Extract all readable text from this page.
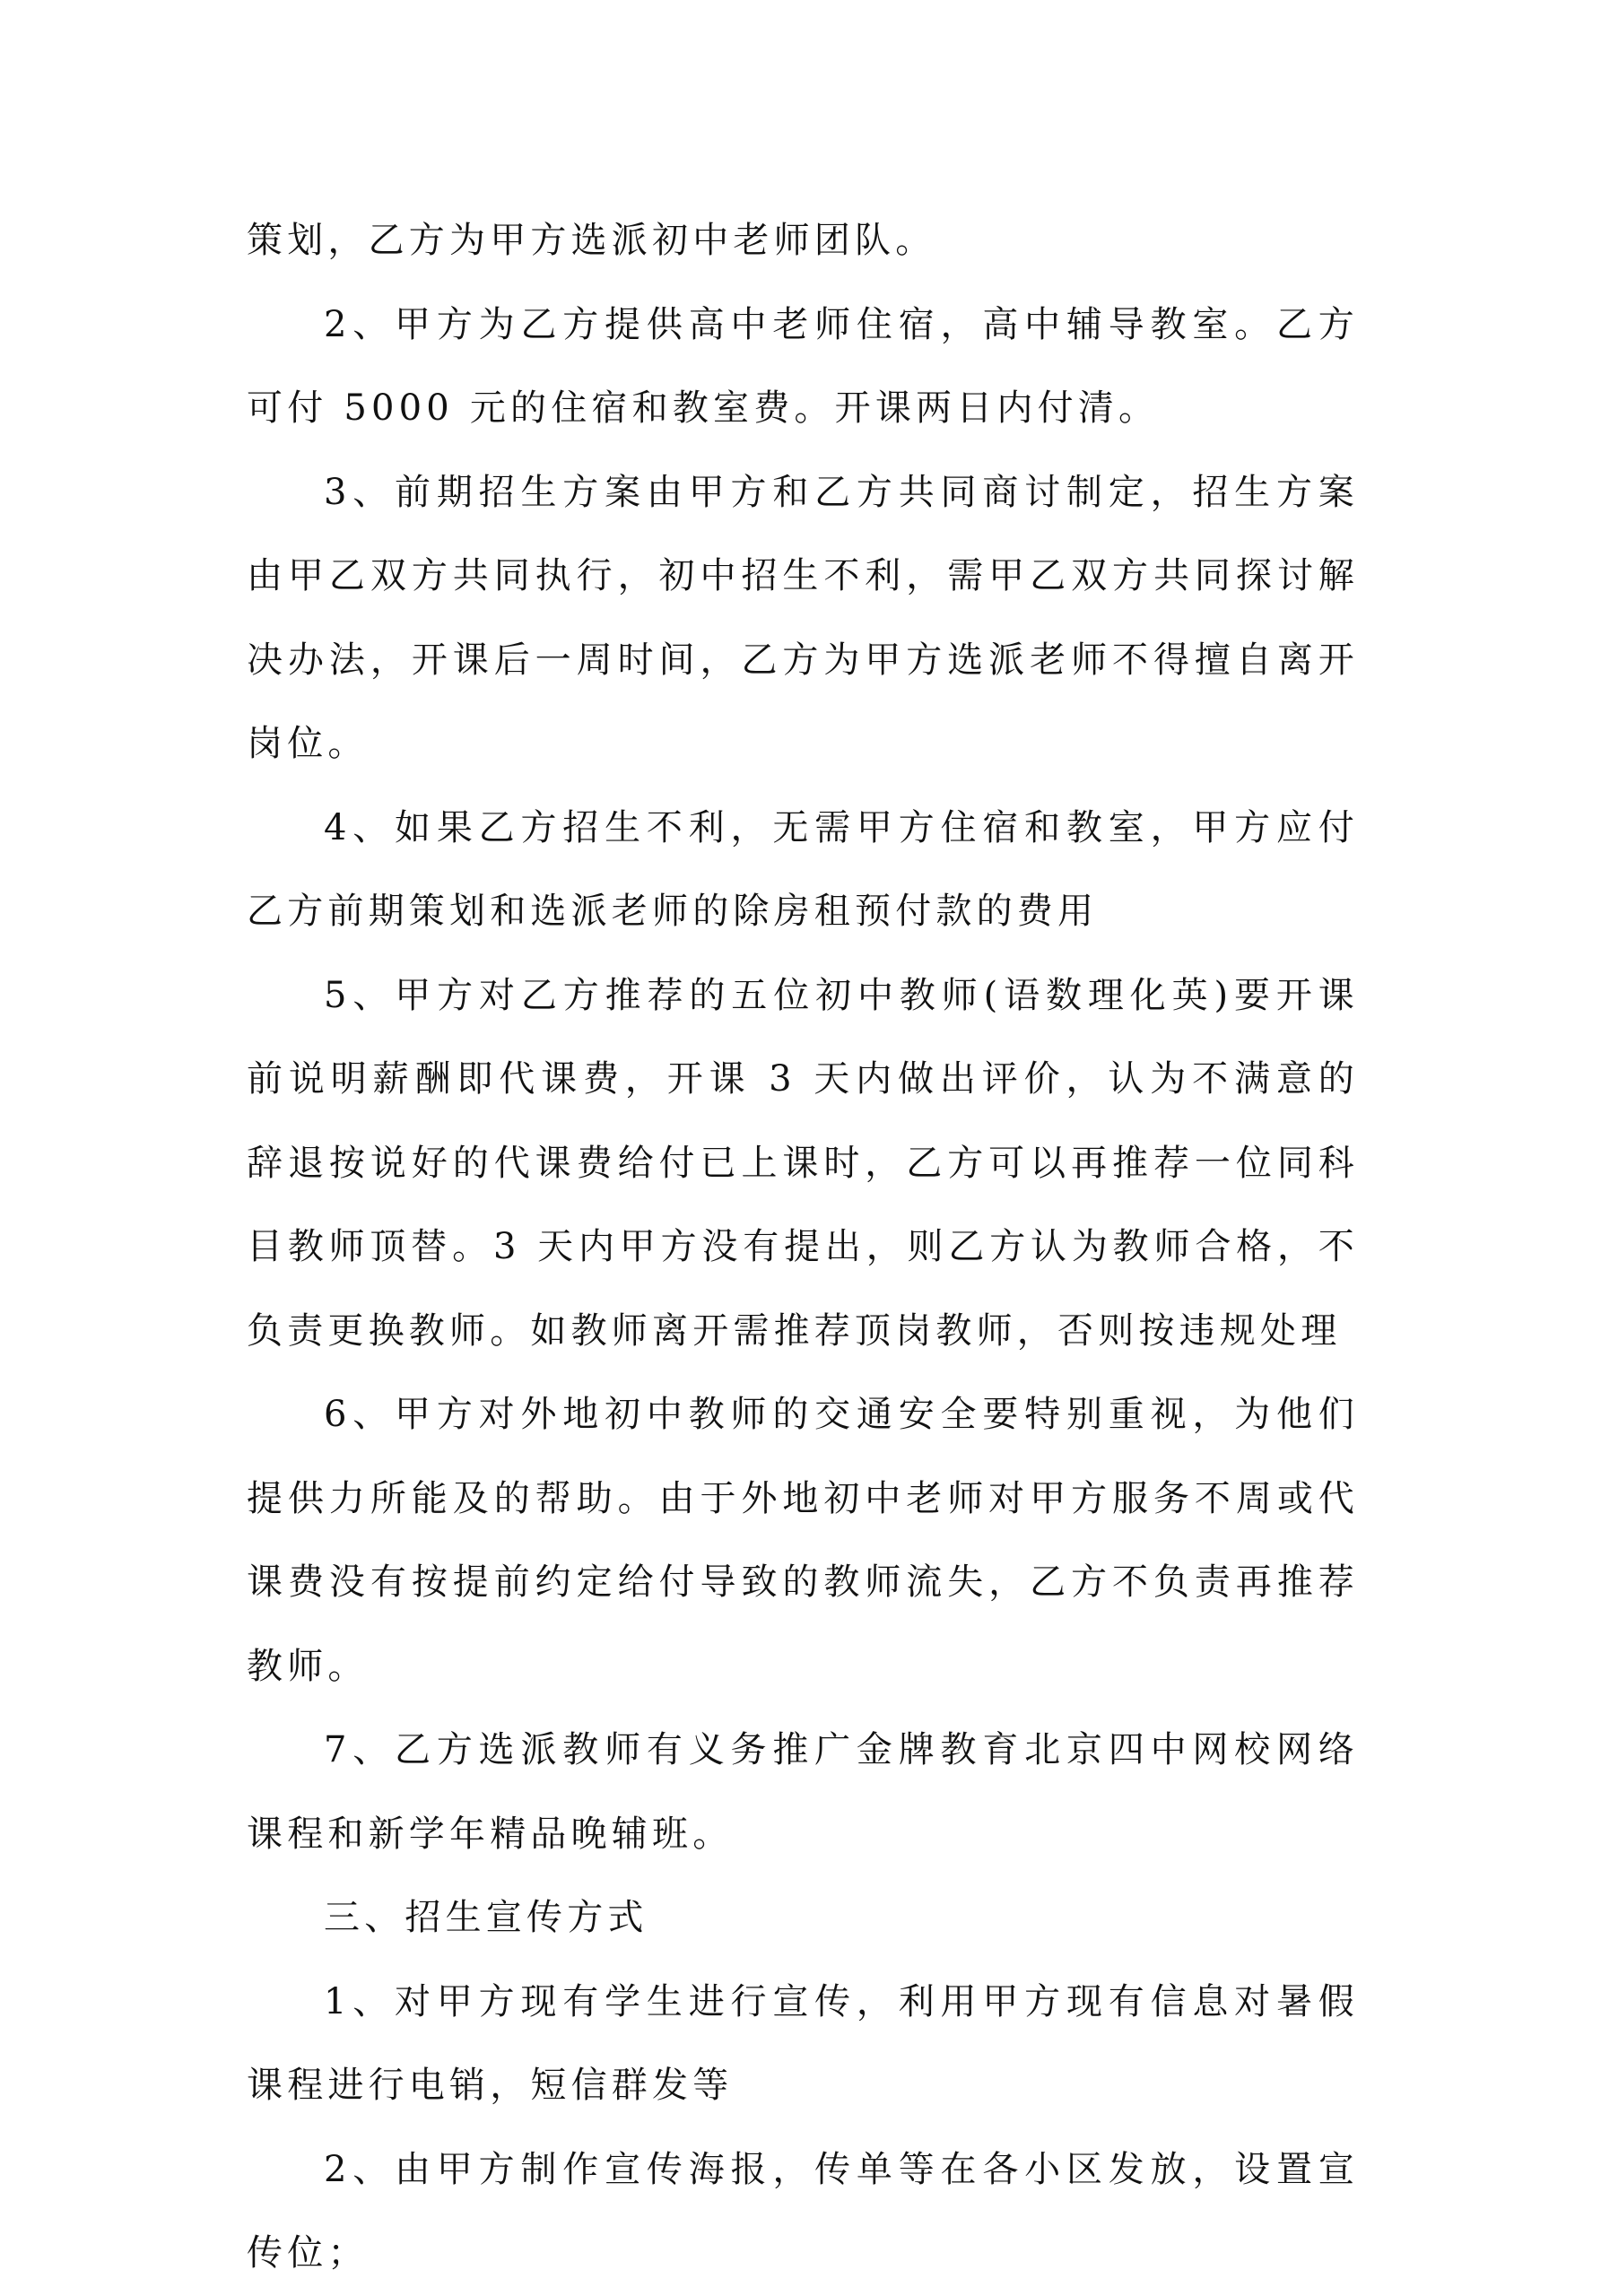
策划，乙方为甲方选派初中老师团队。

2、甲方为乙方提供高中老师住宿，高中辅导教室。乙方可付 5000 元的住宿和教室费。开课两日内付清。

3、前期招生方案由甲方和乙方共同商讨制定，招生方案由甲乙双方共同执行，初中招生不利，需甲乙双方共同探讨解决办法，开课后一周时间，乙方为甲方选派老师不得擅自离开岗位。

4、如果乙方招生不利，无需甲方住宿和教室，甲方应付乙方前期策划和选派老师的除房租预付款的费用

5、甲方对乙方推荐的五位初中教师(语数理化英)要开课前说明薪酬即代课费，开课 3 天内做出评价，认为不满意的辞退按说好的代课费给付已上课时，乙方可以再推荐一位同科目教师顶替。3 天内甲方没有提出，则乙方认为教师合格，不负责更换教师。如教师离开需推荐顶岗教师，否则按违规处理

6、甲方对外地初中教师的交通安全要特别重视，为他们提供力所能及的帮助。由于外地初中老师对甲方服务不周或代课费没有按提前约定给付导致的教师流失，乙方不负责再推荐教师。

7、乙方选派教师有义务推广金牌教育北京四中网校网络课程和新学年精品晚辅班。

三、招生宣传方式

1、对甲方现有学生进行宣传，利用甲方现有信息对暑假课程进行电销，短信群发等

2、由甲方制作宣传海报，传单等在各小区发放，设置宣传位；
